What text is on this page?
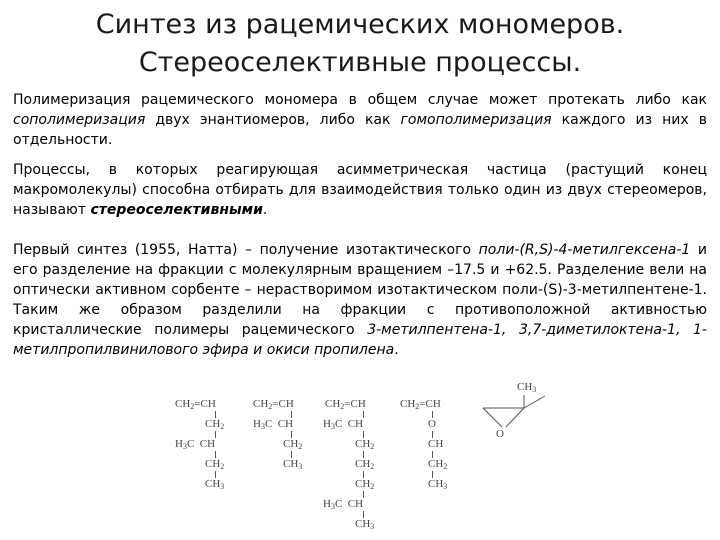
Синтез из рацемических мономеров.
Стереоселективные процессы.
Полимеризация рацемического мономера в общем случае может протекать либо как сополимеризация двух энантиомеров, либо как гомополимеризация каждого из них в отдельности.
Процессы, в которых реагирующая асимметрическая частица (растущий конец макромолекулы) способна отбирать для взаимодействия только один из двух стереомеров, называют стереоселективными.
Первый синтез (1955, Натта) – получение изотактического поли-(R,S)-4-метилгексена-1 и его разделение на фракции с молекулярным вращением –17.5 и +62.5. Разделение вели на оптически активном сорбенте – нерастворимом изотактическом поли-(S)-3-метилпентене-1. Таким же образом разделили на фракции с противоположной активностью кристаллические полимеры рацемического 3-метилпентена-1, 3,7-диметилоктена-1, 1-метилпропилвинилового эфира и окиси пропилена.
$CH_2=CH$
$CH_2$
$H_3C$  CH
$CH_2$
$CH_3$
$CH_2=CH$
$H_3C$  CH
$CH_2$
$CH_3$
$CH_2=CH$
$H_3C$  CH
$CH_2$
$CH_2$
$CH_2$
$H_3C$  CH
$CH_3$
$CH_2=CH$
O
CH
$CH_2$
$CH_3$
$CH_3$
O
